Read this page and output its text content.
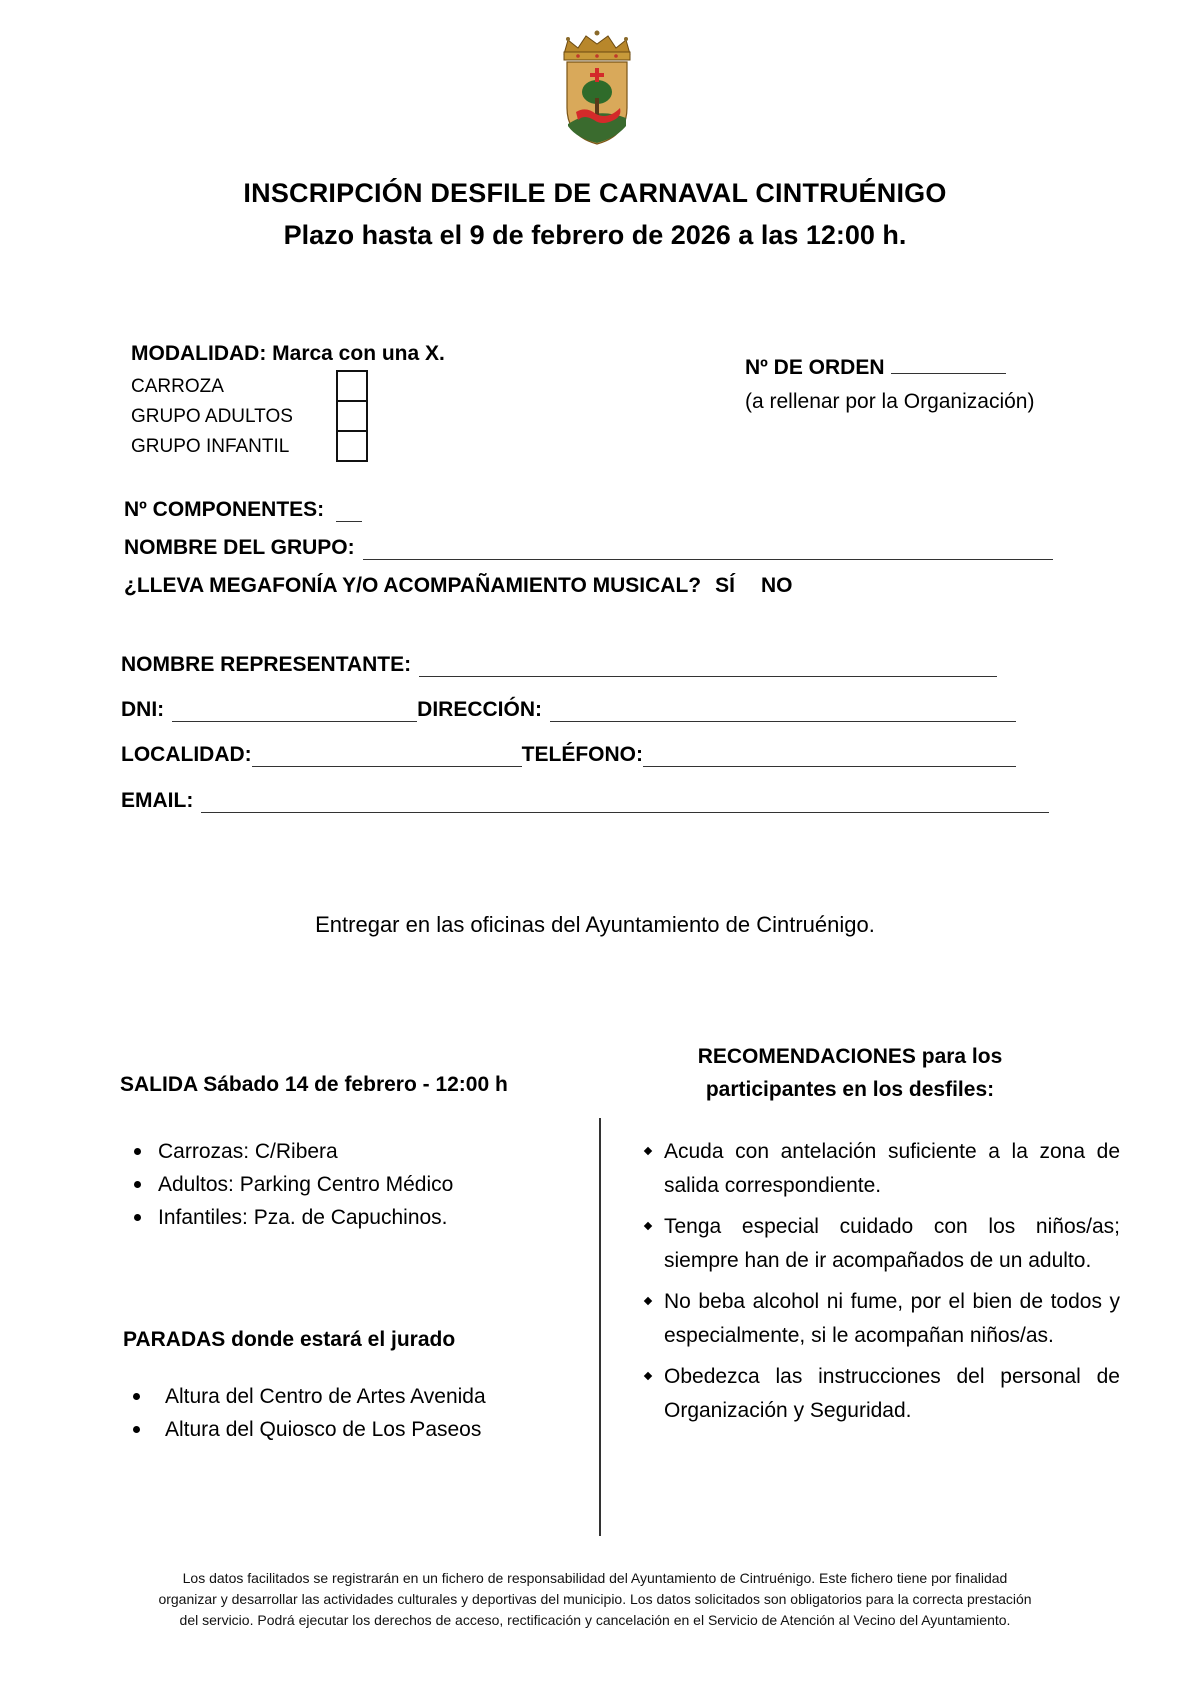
INSCRIPCIÓN DESFILE DE CARNAVAL CINTRUÉNIGO
Plazo hasta el 9 de febrero de 2026 a las 12:00 h.
MODALIDAD: Marca con una X.
CARROZA
GRUPO ADULTOS
GRUPO INFANTIL
Nº DE ORDEN
(a rellenar por la Organización)
Nº COMPONENTES:
NOMBRE DEL GRUPO:
¿LLEVA MEGAFONÍA Y/O ACOMPAÑAMIENTO MUSICAL? SÍ NO
NOMBRE REPRESENTANTE:
DNI:	DIRECCIÓN:
LOCALIDAD:	TELÉFONO:
EMAIL:
Entregar en las oficinas del Ayuntamiento de Cintruénigo.
SALIDA Sábado 14 de febrero - 12:00 h
Carrozas: C/Ribera
Adultos: Parking Centro Médico
Infantiles: Pza. de Capuchinos.
PARADAS donde estará el jurado
Altura del Centro de Artes Avenida
Altura del Quiosco de Los Paseos
RECOMENDACIONES para los
participantes en los desfiles:
Acuda con antelación suficiente a la zona de salida correspondiente.
Tenga especial cuidado con los niños/as; siempre han de ir acompañados de un adulto.
No beba alcohol ni fume, por el bien de todos y especialmente, si le acompañan niños/as.
Obedezca las instrucciones del personal de Organización y Seguridad.
Los datos facilitados se registrarán en un fichero de responsabilidad del Ayuntamiento de Cintruénigo. Este fichero tiene por finalidad
organizar y desarrollar las actividades culturales y deportivas del municipio. Los datos solicitados son obligatorios para la correcta prestación
del servicio. Podrá ejecutar los derechos de acceso, rectificación y cancelación en el Servicio de Atención al Vecino del Ayuntamiento.
